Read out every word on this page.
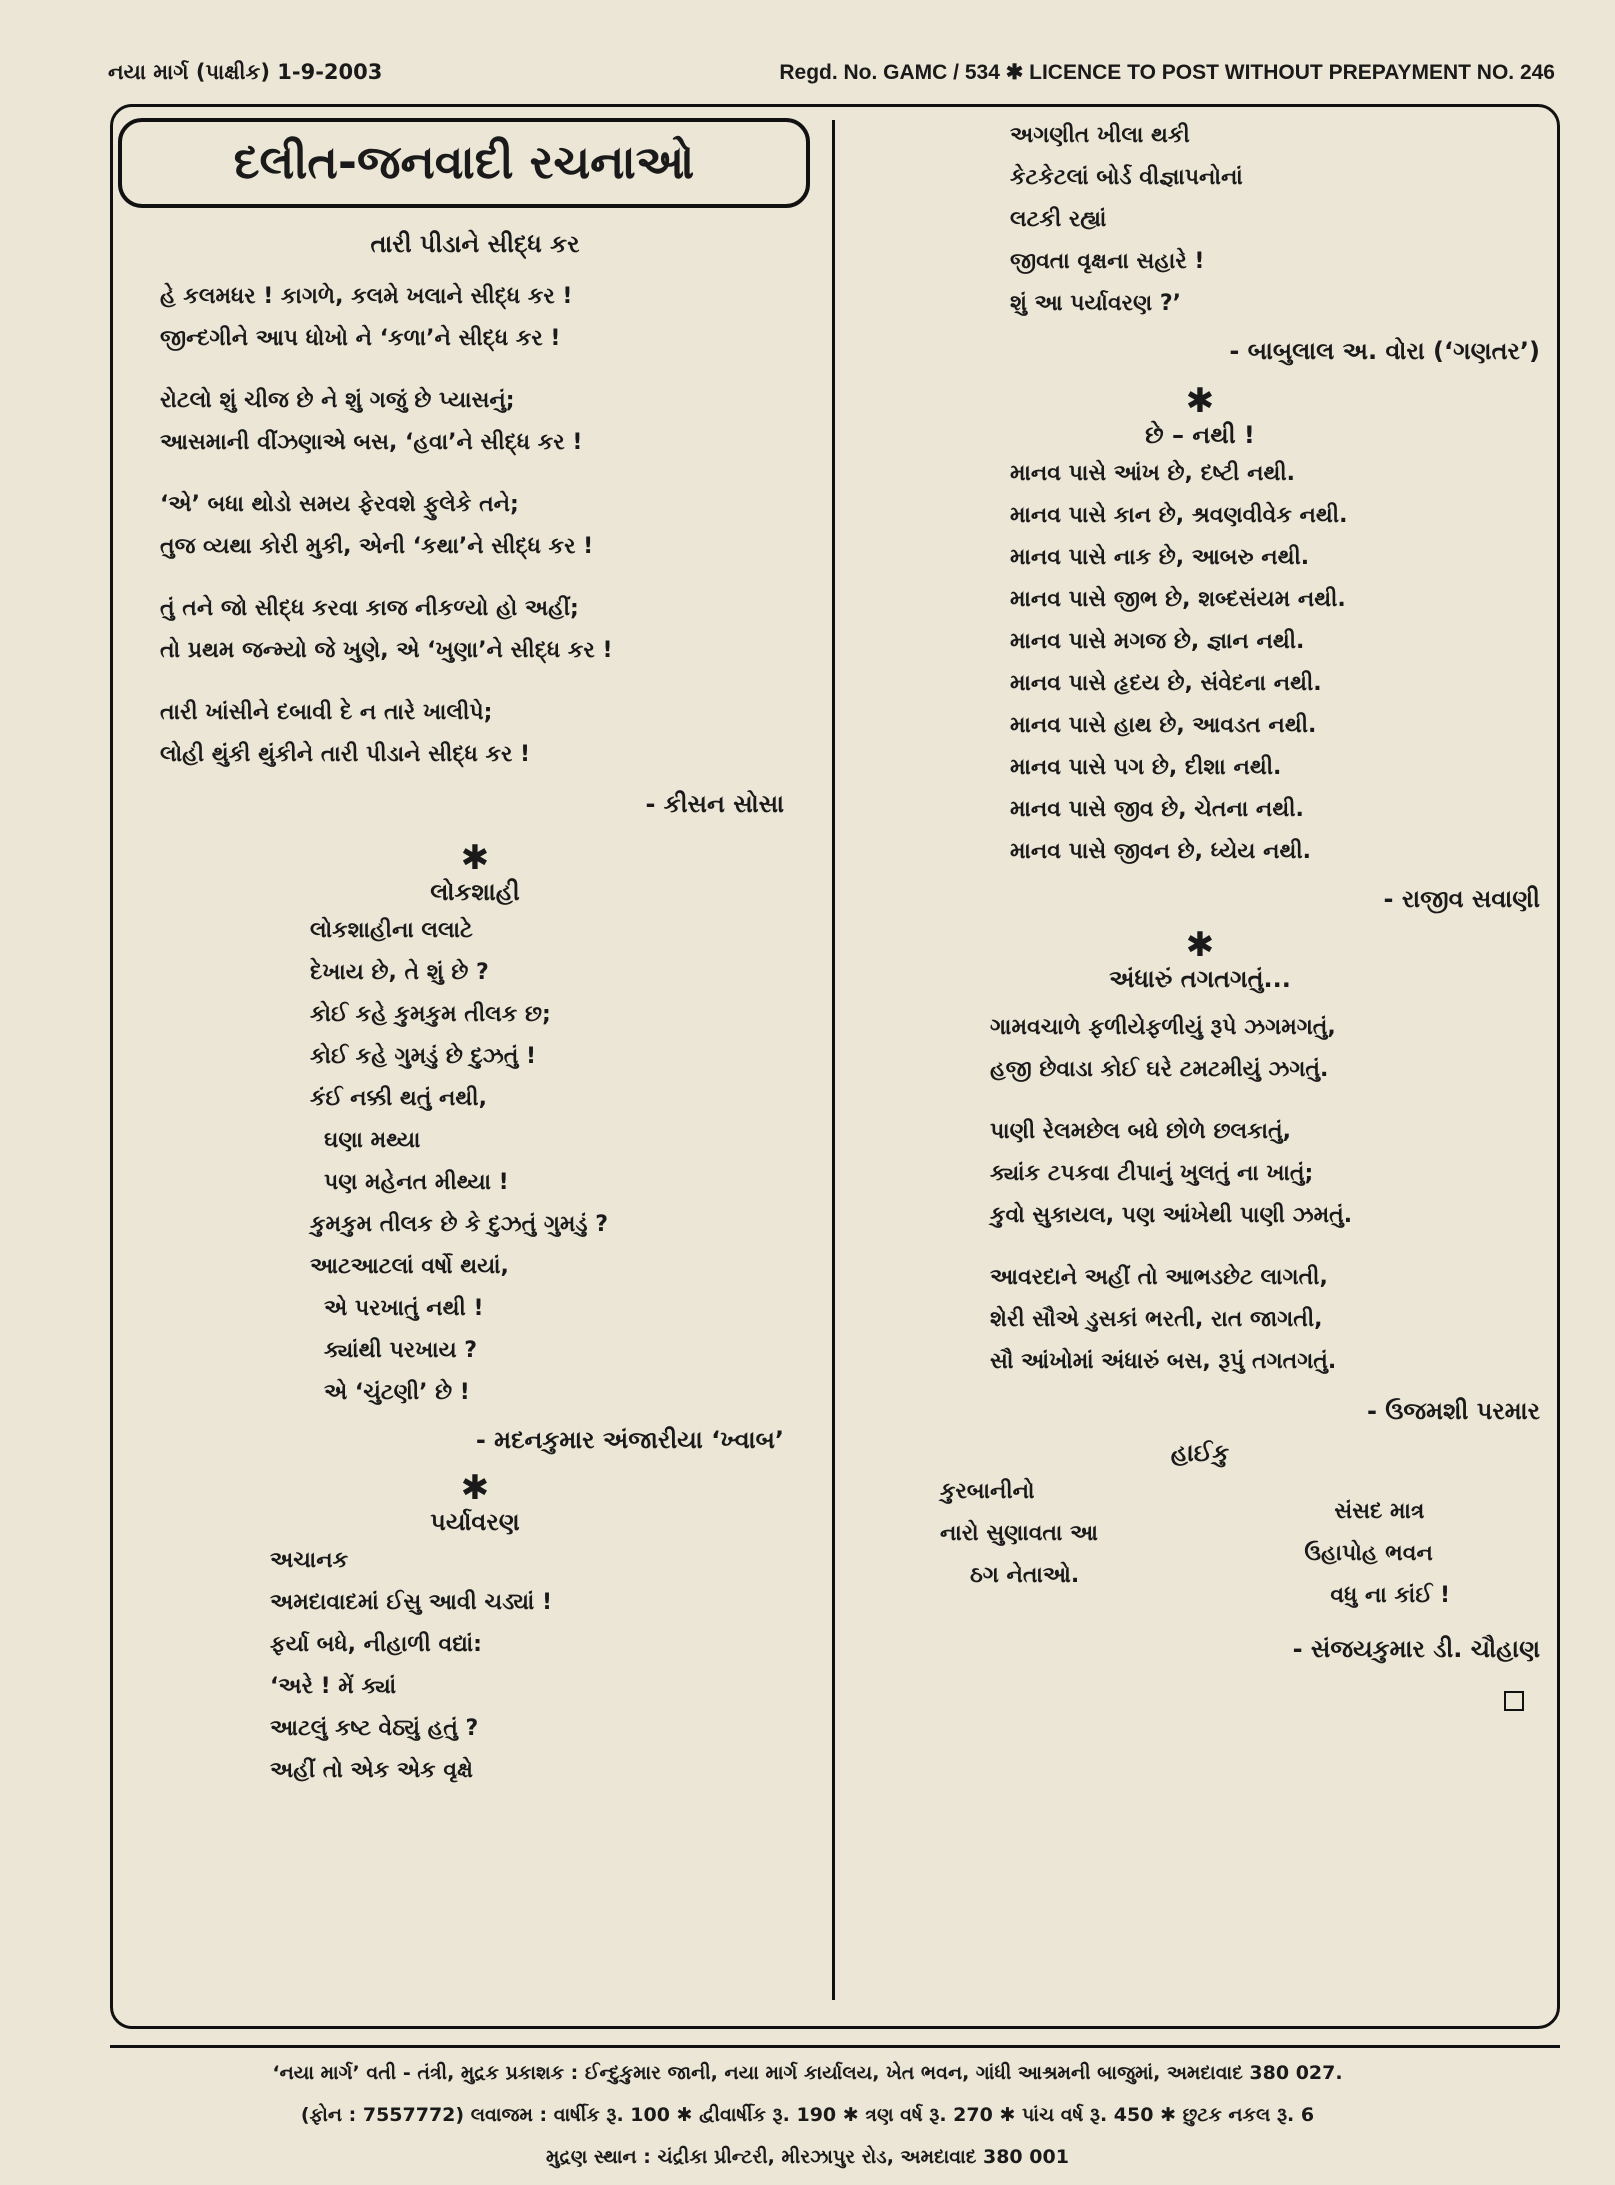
નયા માર્ગ (પાક્ષીક) 1-9-2003	Regd. No. GAMC / 534 ✱ LICENCE TO POST WITHOUT PREPAYMENT NO. 246
દલીત-જનવાદી રચનાઓ
તારી પીડાને સીદ્ધ કર
હે કલમધર ! કાગળે, કલમે ખલાને સીદ્ધ કર !
જીન્દગીને આપ ધોખો ને ‘કળા’ને સીદ્ધ કર !
રોટલો શું ચીજ છે ને શું ગજું છે પ્યાસનું;
આસમાની વીંઝણાએ બસ, ‘હવા’ને સીદ્ધ કર !
‘એ’ બધા થોડો સમય ફેરવશે ફુલેકે તને;
તુજ વ્યથા કોરી મુકી, એની ‘કથા’ને સીદ્ધ કર !
તું તને જો સીદ્ધ કરવા કાજ નીકળ્યો હો અહીં;
તો પ્રથમ જન્મ્યો જે ખુણે, એ ‘ખુણા’ને સીદ્ધ કર !
તારી ખાંસીને દબાવી દે ન તારે ખાલીપે;
લોહી થુંકી થુંકીને તારી પીડાને સીદ્ધ કર !
- કીસન સોસા
✱
લોકશાહી
લોકશાહીના લલાટે
દેખાય છે, તે શું છે ?
કોઈ કહે કુમકુમ તીલક છ;
કોઈ કહે ગુમડું છે દુઝતું !
કંઈ નક્કી થતું નથી,
ઘણા મથ્યા
પણ મહેનત મીથ્યા !
કુમકુમ તીલક છે કે દુઝતું ગુમડું ?
આટઆટલાં વર્ષો થયાં,
એ પરખાતું નથી !
ક્યાંથી પરખાય ?
એ ‘ચુંટણી’ છે !
- મદનકુમાર અંજારીયા ‘ખ્વાબ’
✱
પર્યાવરણ
અચાનક
અમદાવાદમાં ઈસુ આવી ચડ્યાં !
ફર્યા બધે, નીહાળી વદ્યાં:
‘અરે ! મેં ક્યાં
આટલું કષ્ટ વેઠ્યું હતું ?
અહીં તો એક એક વૃક્ષે
અગણીત ખીલા થકી
કેટકેટલાં બોર્ડ વીજ્ઞાપનોનાં
લટકી રહ્યાં
જીવતા વૃક્ષના સહારે !
શું આ પર્યાવરણ ?’
- બાબુલાલ અ. વોરા (‘ગણતર’)
✱
છે – નથી !
માનવ પાસે આંખ છે, દષ્ટી નથી.
માનવ પાસે કાન છે, શ્રવણવીવેક નથી.
માનવ પાસે નાક છે, આબરુ નથી.
માનવ પાસે જીભ છે, શબ્દસંયમ નથી.
માનવ પાસે મગજ છે, જ્ઞાન નથી.
માનવ પાસે હૃદય છે, સંવેદના નથી.
માનવ પાસે હાથ છે, આવડત નથી.
માનવ પાસે પગ છે, દીશા નથી.
માનવ પાસે જીવ છે, ચેતના નથી.
માનવ પાસે જીવન છે, ધ્યેય નથી.
- રાજીવ સવાણી
✱
અંધારું તગતગતું...
ગામવચાળે ફળીયેફળીયું રૂપે ઝગમગતું,
હજી છેવાડા કોઈ ઘરે ટમટમીયું ઝગતું.
પાણી રેલમછેલ બધે છોળે છલકાતું,
ક્યાંક ટપકવા ટીપાનું ખુલતું ના ખાતું;
કુવો સુકાયલ, પણ આંખેથી પાણી ઝમતું.
આવરદાને અહીં તો આભડછેટ લાગતી,
શેરી સૌએ ડુસકાં ભરતી, રાત જાગતી,
સૌ આંખોમાં અંધારું બસ, રૂપું તગતગતું.
- ઉજમશી પરમાર
હાઈકુ
કુરબાનીનો
નારો સુણાવતા આ
ઠગ નેતાઓ.
સંસદ માત્ર
ઉહાપોહ ભવન
વધુ ના કાંઈ !
- સંજયકુમાર ડી. ચૌહાણ
‘નયા માર્ગ’ વતી - તંત્રી, મુદ્રક પ્રકાશક : ઈન્દુકુમાર જાની, નયા માર્ગ કાર્યાલય, ખેત ભવન, ગાંધી આશ્રમની બાજુમાં, અમદાવાદ 380 027.
(ફોન : 7557772) લવાજમ : વાર્ષીક રૂ. 100 ✱ દ્વીવાર્ષીક રૂ. 190 ✱ ત્રણ વર્ષ રૂ. 270 ✱ પાંચ વર્ષ રૂ. 450 ✱ છુટક નકલ રૂ. 6
મુદ્રણ સ્થાન : ચંદ્રીકા પ્રીન્ટરી, મીરઝાપુર રોડ, અમદાવાદ 380 001
